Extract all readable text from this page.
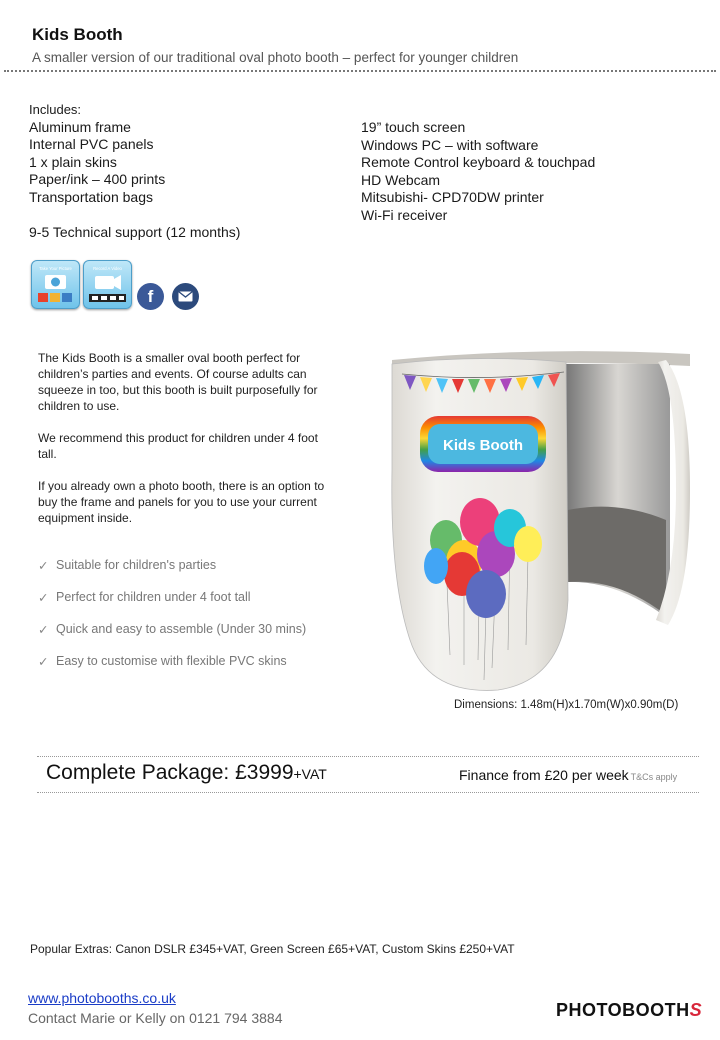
Kids Booth
A smaller version of our traditional oval photo booth – perfect for younger children
Includes:
Aluminum frame
Internal PVC panels
1 x plain skins
Paper/ink – 400 prints
Transportation bags
19” touch screen
Windows PC – with software
Remote Control keyboard & touchpad
HD Webcam
Mitsubishi- CPD70DW printer
Wi-Fi receiver
9-5 Technical support (12 months)
Take Your Picture	Record A Video
f

The Kids Booth is a smaller oval booth perfect for children’s parties and events. Of course adults can squeeze in too, but this booth is built purposefully for children to use.

We recommend this product for children under 4 foot tall.

If you already own a photo booth, there is an option to buy the frame and panels for you to use your current equipment inside.

✓ Suitable for children's parties
✓ Perfect for children under 4 foot tall
✓ Quick and easy to assemble (Under 30 mins)
✓ Easy to customise with flexible PVC skins
Kids Booth
Dimensions: 1.48m(H)x1.70m(W)x0.90m(D)
Complete Package: £3999+VAT	Finance from £20 per week T&Cs apply
Popular Extras: Canon DSLR £345+VAT, Green Screen £65+VAT, Custom Skins £250+VAT
www.photobooths.co.uk
Contact Marie or Kelly on 0121 794 3884	PHOTOBOOTHS
